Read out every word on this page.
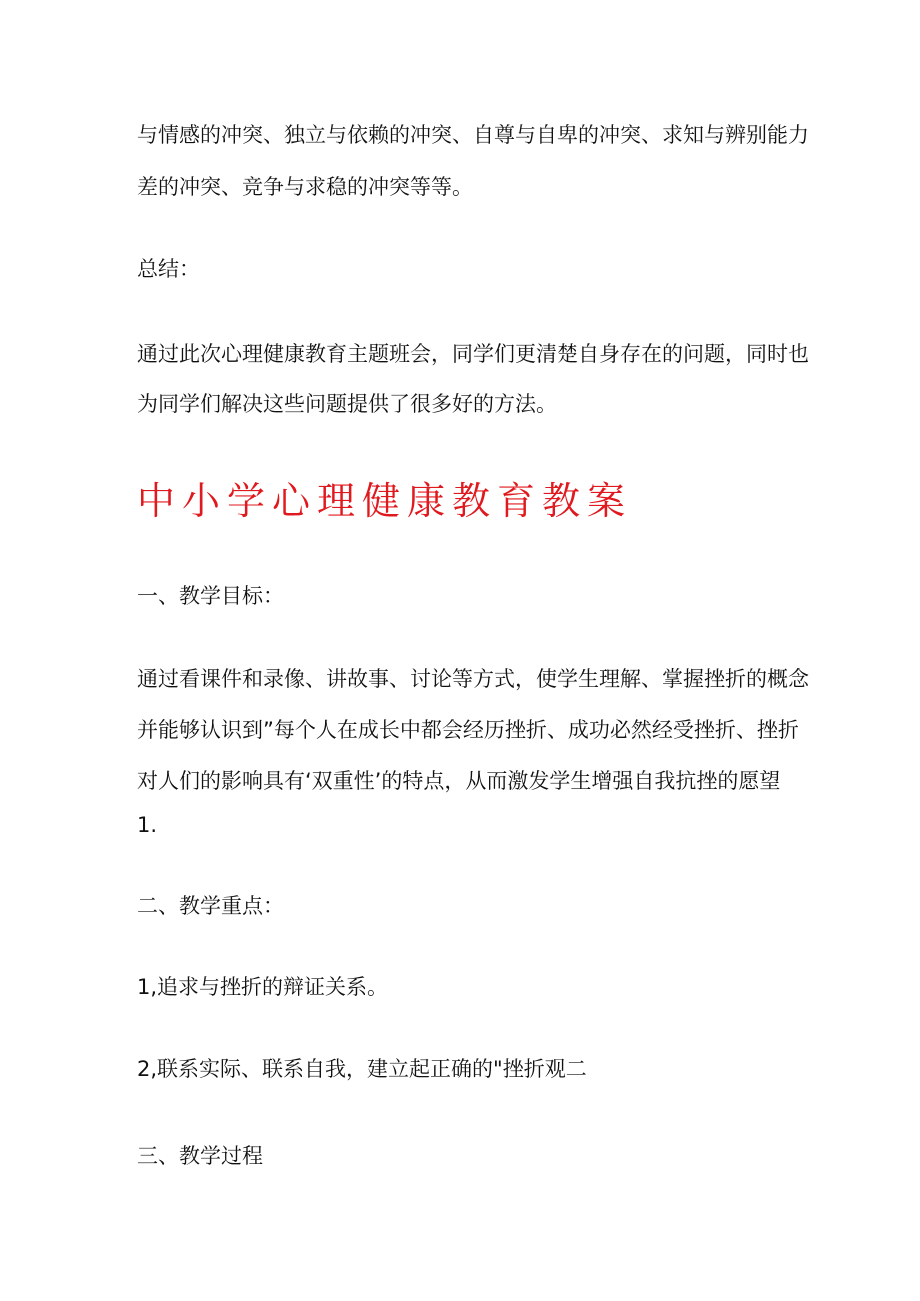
与情感的冲突、独立与依赖的冲突、自尊与自卑的冲突、求知与辨别能力
差的冲突、竞争与求稳的冲突等等。
总结：
通过此次心理健康教育主题班会，同学们更清楚自身存在的问题，同时也
为同学们解决这些问题提供了很多好的方法。
中小学心理健康教育教案
一、教学目标：
通过看课件和录像、讲故事、讨论等方式，使学生理解、掌握挫折的概念
并能够认识到”每个人在成长中都会经历挫折、成功必然经受挫折、挫折
对人们的影响具有‘双重性’的特点，从而激发学生增强自我抗挫的愿望
1.
二、教学重点：
1,追求与挫折的辩证关系。
2,联系实际、联系自我，建立起正确的"挫折观二
三、教学过程
